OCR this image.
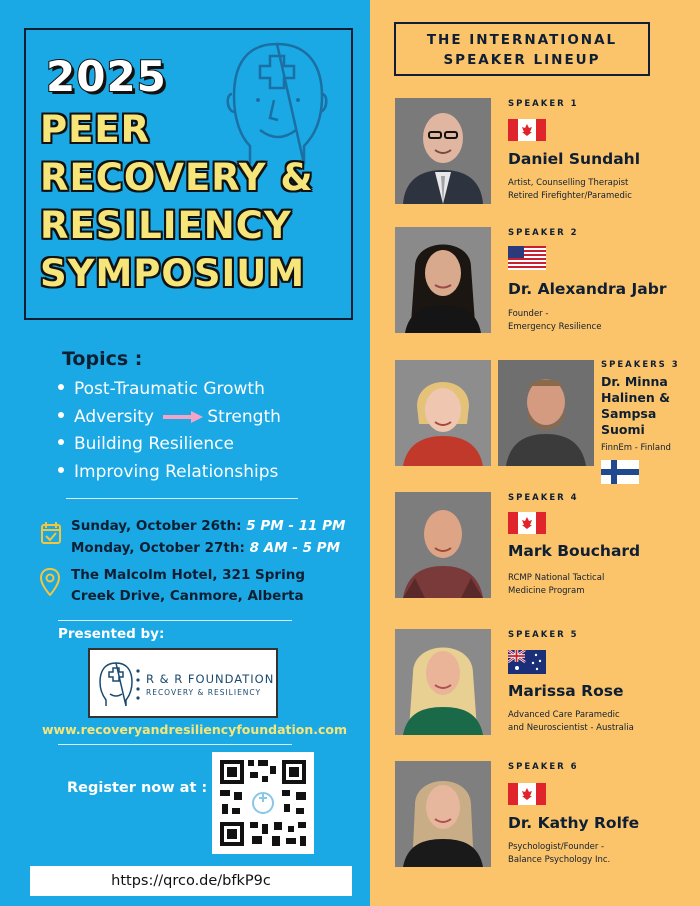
2025
PEER
RECOVERY &
RESILIENCY
SYMPOSIUM
Topics :
Post-Traumatic Growth
Adversity	Strength
Building Resilience
Improving Relationships
Sunday, October 26th: 5 PM - 11 PM
Monday, October 27th: 8 AM - 5 PM
The Malcolm Hotel, 321 Spring Creek Drive, Canmore, Alberta
Presented by:
R & R FOUNDATION
RECOVERY & RESILIENCY
www.recoveryandresiliencyfoundation.com
Register now at :
https://qrco.de/bfkP9c
THE INTERNATIONAL
SPEAKER LINEUP
SPEAKER 1
Daniel Sundahl
Artist, Counselling Therapist
Retired Firefighter/Paramedic
SPEAKER 2
Dr. Alexandra Jabr
Founder -
Emergency Resilience
SPEAKERS 3
Dr. Minna
Halinen &
Sampsa
Suomi
FinnEm - Finland
SPEAKER 4
Mark Bouchard
RCMP National Tactical
Medicine Program
SPEAKER 5
Marissa Rose
Advanced Care Paramedic
and Neuroscientist - Australia
SPEAKER 6
Dr. Kathy Rolfe
Psychologist/Founder -
Balance Psychology Inc.
